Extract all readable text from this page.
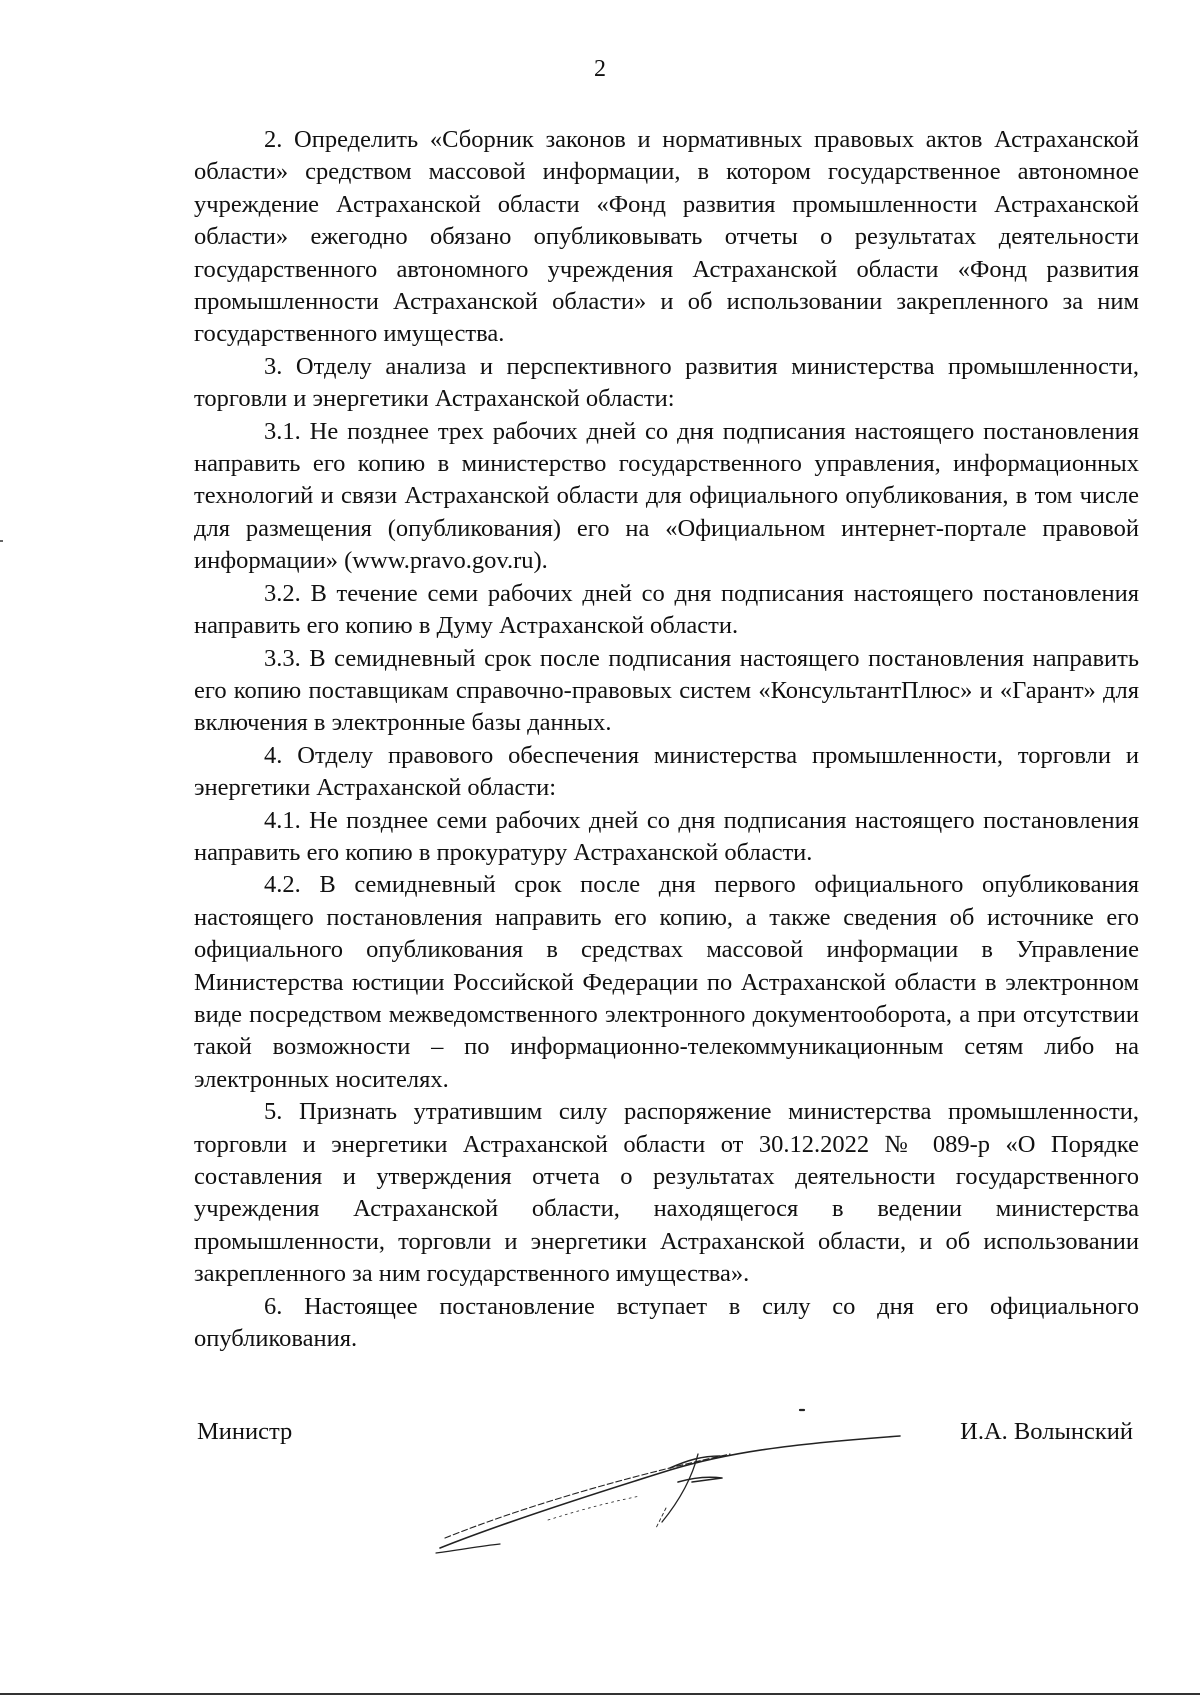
2

2. Определить «Сборник законов и нормативных правовых актов Астраханской области» средством массовой информации, в котором государственное автономное учреждение Астраханской области «Фонд развития промышленности Астраханской области» ежегодно обязано опубликовывать отчеты о результатах деятельности государственного автономного учреждения Астраханской области «Фонд развития промышленности Астраханской области» и об использовании закрепленного за ним государственного имущества.

3. Отделу анализа и перспективного развития министерства промышленности, торговли и энергетики Астраханской области:

3.1. Не позднее трех рабочих дней со дня подписания настоящего постановления направить его копию в министерство государственного управления, информационных технологий и связи Астраханской области для официального опубликования, в том числе для размещения (опубликования) его на «Официальном интернет-портале правовой информации» (www.pravo.gov.ru).

3.2. В течение семи рабочих дней со дня подписания настоящего постановления направить его копию в Думу Астраханской области.

3.3. В семидневный срок после подписания настоящего постановления направить его копию поставщикам справочно-правовых систем «КонсультантПлюс» и «Гарант» для включения в электронные базы данных.

4. Отделу правового обеспечения министерства промышленности, торговли и энергетики Астраханской области:

4.1. Не позднее семи рабочих дней со дня подписания настоящего постановления направить его копию в прокуратуру Астраханской области.

4.2. В семидневный срок после дня первого официального опубликования настоящего постановления направить его копию, а также сведения об источнике его официального опубликования в средствах массовой информации в Управление Министерства юстиции Российской Федерации по Астраханской области в электронном виде посредством межведомственного электронного документооборота, а при отсутствии такой возможности – по информационно-телекоммуникационным сетям либо на электронных носителях.

5. Признать утратившим силу распоряжение министерства промышленности, торговли и энергетики Астраханской области от 30.12.2022 № 089-р «О Порядке составления и утверждения отчета о результатах деятельности государственного учреждения Астраханской области, находящегося в ведении министерства промышленности, торговли и энергетики Астраханской области, и об использовании закрепленного за ним государственного имущества».

6. Настоящее постановление вступает в силу со дня его официального опубликования.

Министр	И.А. Волынский
